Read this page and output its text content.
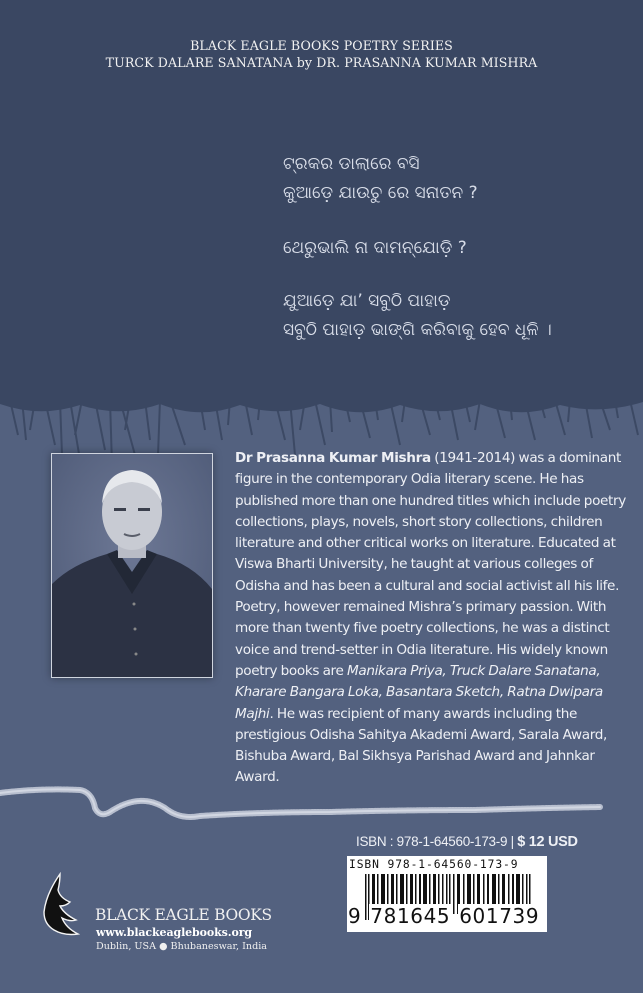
BLACK EAGLE BOOKS POETRY SERIES
TURCK DALARE SANATANA by DR. PRASANNA KUMAR MISHRA
ଟ୍ରକର ଡାଲାରେ ବସି
କୁଆଡ଼େ ଯାଉଚୁ ରେ ସନାତନ ?
ଥେରୁଭାଲି ନା ଦାମନ୍‌ଯୋଡ଼ି ?
ଯୁଆଡ଼େ ଯା’ ସବୁଠି ପାହାଡ଼
ସବୁଠି ପାହାଡ଼ ଭାଙ୍ଗି କରିବାକୁ ହେବ ଧୂଳି ।
Dr Prasanna Kumar Mishra (1941-2014) was a dominant figure in the contemporary Odia literary scene. He has published more than one hundred titles which include poetry collections, plays, novels, short story collections, children literature and other critical works on literature. Educated at Viswa Bharti University, he taught at various colleges of Odisha and has been a cultural and social activist all his life. Poetry, however remained Mishra’s primary passion. With more than twenty five poetry collections, he was a distinct voice and trend-setter in Odia literature. His widely known poetry books are Manikara Priya, Truck Dalare Sanatana, Kharare Bangara Loka, Basantara Sketch, Ratna Dwipara Majhi. He was recipient of many awards including the prestigious Odisha Sahitya Akademi Award, Sarala Award, Bishuba Award, Bal Sikhsya Parishad Award and Jahnkar Award.
ISBN : 978-1-64560-173-9 | $ 12 USD
ISBN 978-1-64560-173-9
9 781645 601739
BLACK EAGLE BOOKS
www.blackeaglebooks.org
Dublin, USA ● Bhubaneswar, India
